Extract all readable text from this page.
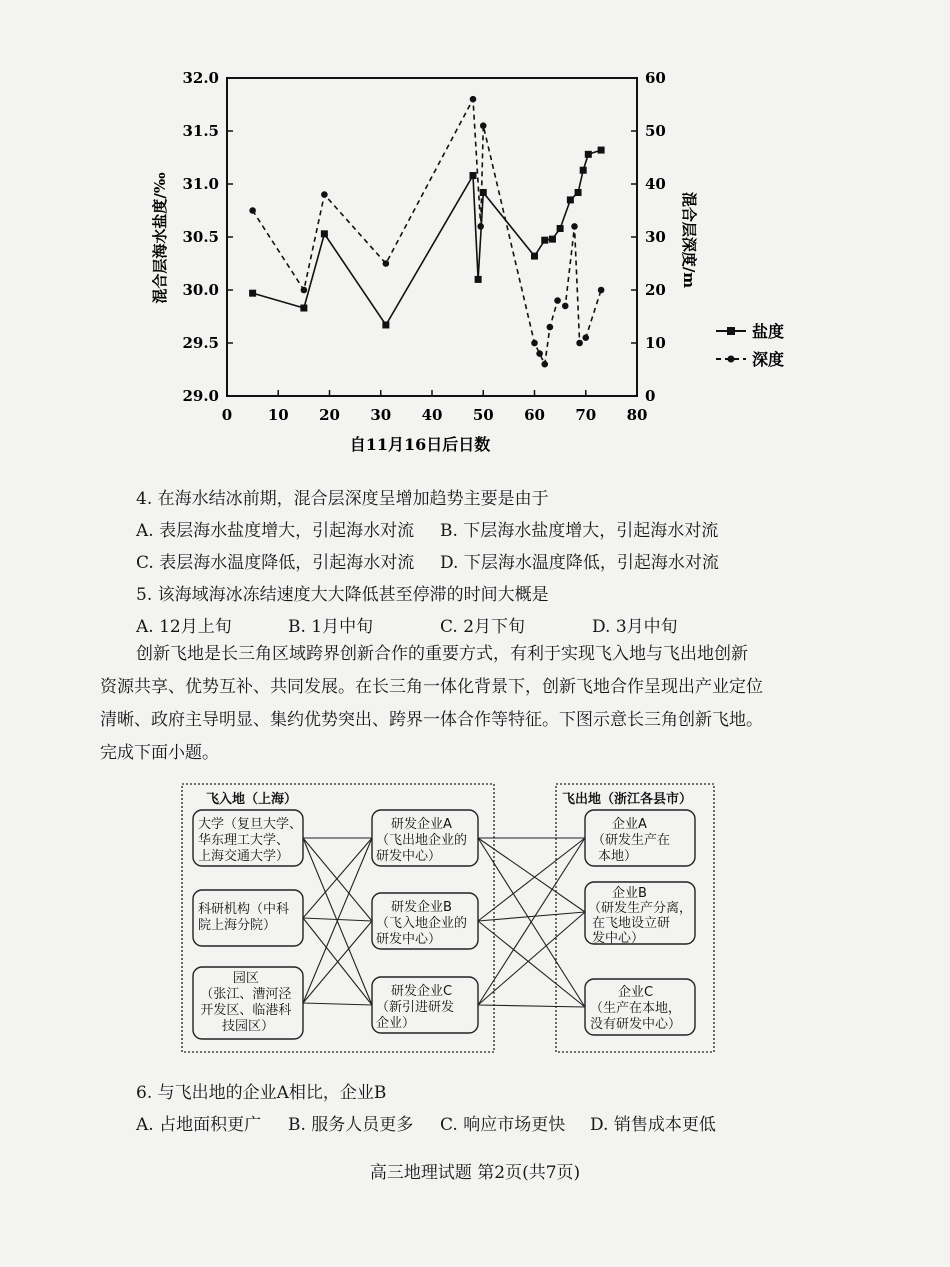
0 10 20 30 40 50 60 70 80
29.0
29.5
30.0
30.5
31.0
31.5
32.0
0
10
20
30
40
50
60
自11月16日后日数
混合层海水盐度/‰	混合层深度/m
盐度
深度
4. 在海水结冰前期，混合层深度呈增加趋势主要是由于
A. 表层海水盐度增大，引起海水对流 B. 下层海水盐度增大，引起海水对流
C. 表层海水温度降低，引起海水对流 D. 下层海水温度降低，引起海水对流
5. 该海域海冰冻结速度大大降低甚至停滞的时间大概是
A. 12月上旬	B. 1月中旬	C. 2月下旬	D. 3月中旬
创新飞地是长三角区域跨界创新合作的重要方式，有利于实现飞入地与飞出地创新
资源共享、优势互补、共同发展。在长三角一体化背景下，创新飞地合作呈现出产业定位
清晰、政府主导明显、集约优势突出、跨界一体合作等特征。下图示意长三角创新飞地。
完成下面小题。
飞入地（上海）	飞出地（浙江各县市）
大学（复旦大学、 华东理工大学、 上海交通大学）
科研机构（中科 院上海分院）
园区 （张江、漕河泾 开发区、临港科 技园区）
研发企业A （飞出地企业的 研发中心）
研发企业B （飞入地企业的 研发中心）
研发企业C （新引进研发 企业）
企业A （研发生产在 本地）
企业B （研发生产分离， 在飞地设立研 发中心）
企业C （生产在本地， 没有研发中心）
6. 与飞出地的企业A相比，企业B
A. 占地面积更广 B. 服务人员更多 C. 响应市场更快 D. 销售成本更低
高三地理试题 第2页(共7页)
